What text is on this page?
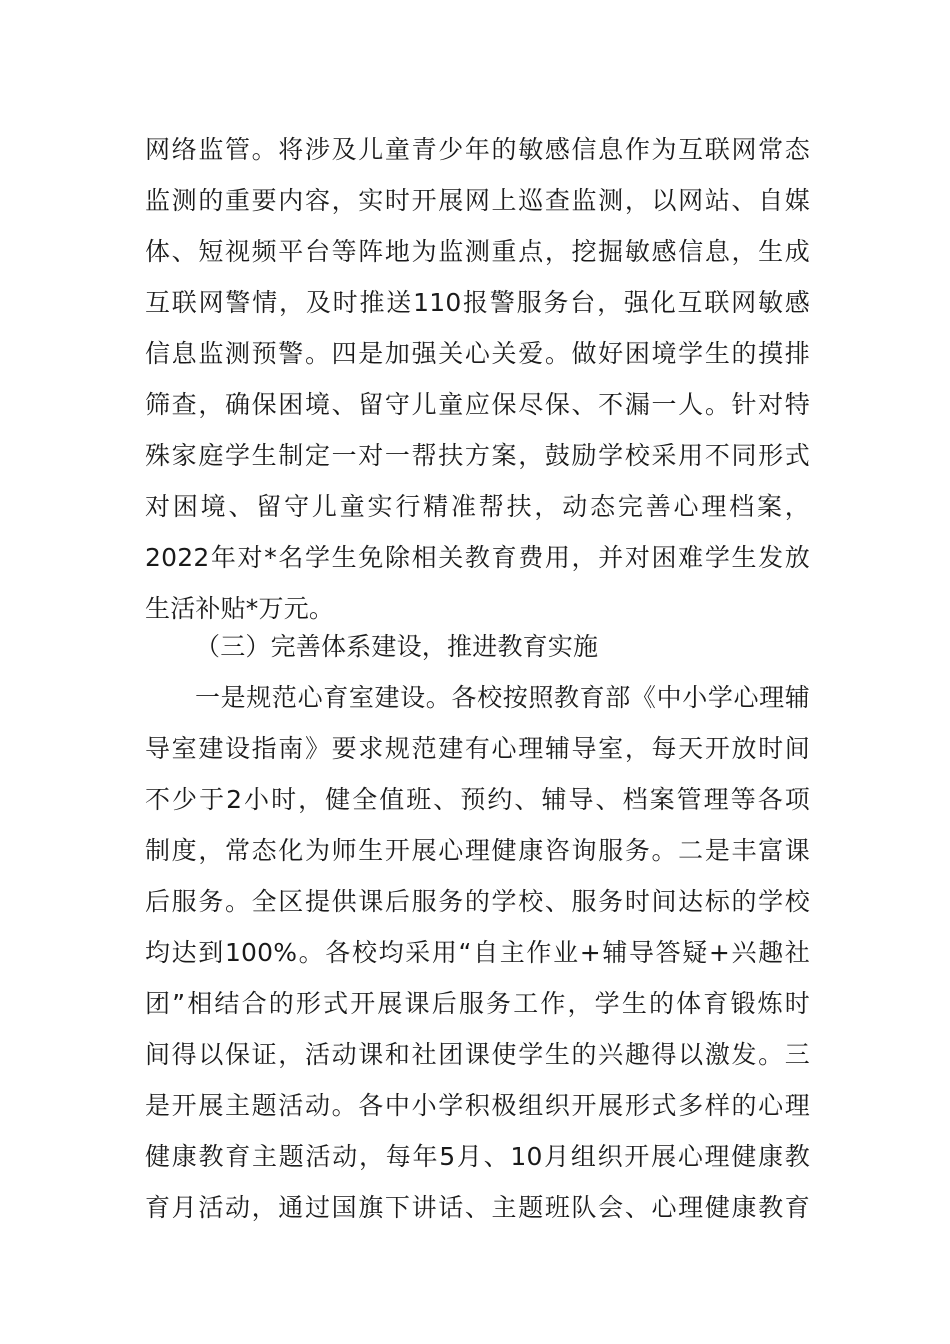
网络监管。将涉及儿童青少年的敏感信息作为互联网常态
监测的重要内容，实时开展网上巡查监测，以网站、自媒
体、短视频平台等阵地为监测重点，挖掘敏感信息，生成
互联网警情，及时推送110报警服务台，强化互联网敏感
信息监测预警。四是加强关心关爱。做好困境学生的摸排
筛查，确保困境、留守儿童应保尽保、不漏一人。针对特
殊家庭学生制定一对一帮扶方案，鼓励学校采用不同形式
对困境、留守儿童实行精准帮扶，动态完善心理档案，
2022年对*名学生免除相关教育费用，并对困难学生发放
生活补贴*万元。
（三）完善体系建设，推进教育实施
一是规范心育室建设。各校按照教育部《中小学心理辅
导室建设指南》要求规范建有心理辅导室，每天开放时间
不少于2小时，健全值班、预约、辅导、档案管理等各项
制度，常态化为师生开展心理健康咨询服务。二是丰富课
后服务。全区提供课后服务的学校、服务时间达标的学校
均达到100%。各校均采用“自主作业+辅导答疑+兴趣社
团”相结合的形式开展课后服务工作，学生的体育锻炼时
间得以保证，活动课和社团课使学生的兴趣得以激发。三
是开展主题活动。各中小学积极组织开展形式多样的心理
健康教育主题活动，每年5月、10月组织开展心理健康教
育月活动，通过国旗下讲话、主题班队会、心理健康教育
